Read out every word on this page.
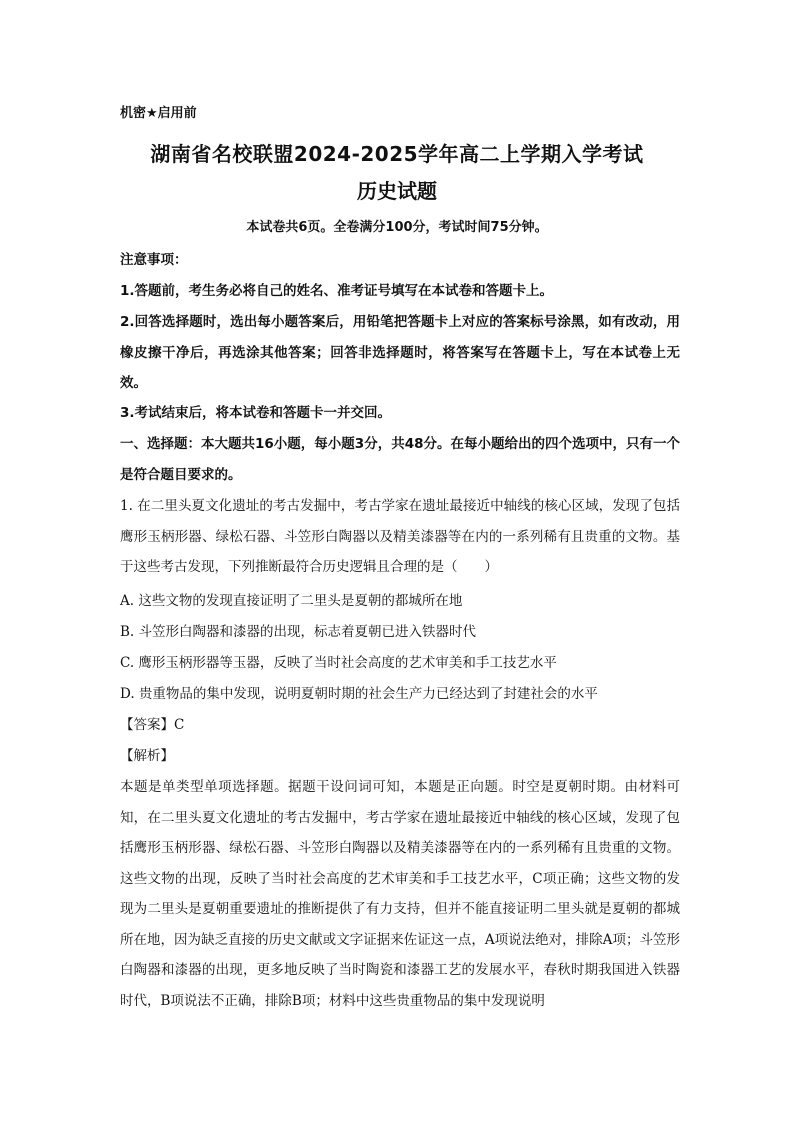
机密★启用前
湖南省名校联盟2024-2025学年高二上学期入学考试
历史试题
本试卷共6页。全卷满分100分，考试时间75分钟。
注意事项：
1.答题前，考生务必将自己的姓名、准考证号填写在本试卷和答题卡上。
2.回答选择题时，选出每小题答案后，用铅笔把答题卡上对应的答案标号涂黑，如有改动，用橡皮擦干净后，再选涂其他答案；回答非选择题时，将答案写在答题卡上，写在本试卷上无效。
3.考试结束后，将本试卷和答题卡一并交回。
一、选择题：本大题共16小题，每小题3分，共48分。在每小题给出的四个选项中，只有一个是符合题目要求的。
1. 在二里头夏文化遗址的考古发掘中，考古学家在遗址最接近中轴线的核心区域，发现了包括鹰形玉柄形器、绿松石器、斗笠形白陶器以及精美漆器等在内的一系列稀有且贵重的文物。基于这些考古发现，下列推断最符合历史逻辑且合理的是（　　）
A. 这些文物的发现直接证明了二里头是夏朝的都城所在地
B. 斗笠形白陶器和漆器的出现，标志着夏朝已进入铁器时代
C. 鹰形玉柄形器等玉器，反映了当时社会高度的艺术审美和手工技艺水平
D. 贵重物品的集中发现，说明夏朝时期的社会生产力已经达到了封建社会的水平
【答案】C
【解析】
本题是单类型单项选择题。据题干设问词可知，本题是正向题。时空是夏朝时期。由材料可知，在二里头夏文化遗址的考古发掘中，考古学家在遗址最接近中轴线的核心区域，发现了包括鹰形玉柄形器、绿松石器、斗笠形白陶器以及精美漆器等在内的一系列稀有且贵重的文物。这些文物的出现，反映了当时社会高度的艺术审美和手工技艺水平，C项正确；这些文物的发现为二里头是夏朝重要遗址的推断提供了有力支持，但并不能直接证明二里头就是夏朝的都城所在地，因为缺乏直接的历史文献或文字证据来佐证这一点，A项说法绝对，排除A项；斗笠形白陶器和漆器的出现，更多地反映了当时陶瓷和漆器工艺的发展水平，春秋时期我国进入铁器时代，B项说法不正确，排除B项；材料中这些贵重物品的集中发现说明
